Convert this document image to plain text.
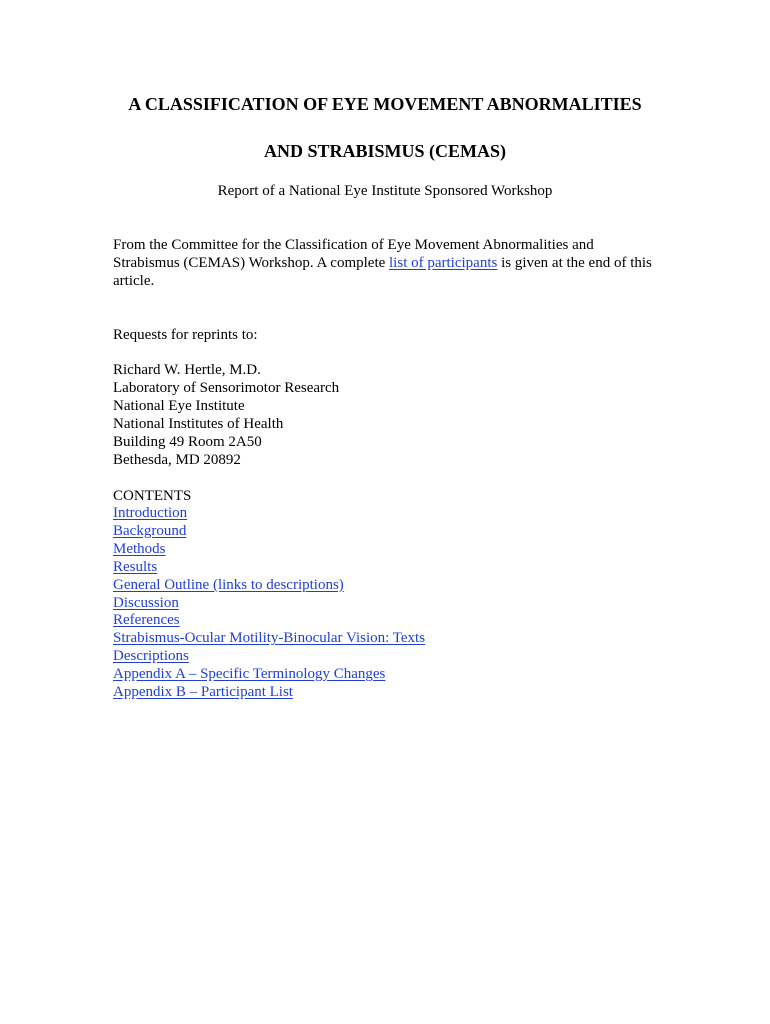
A CLASSIFICATION OF EYE MOVEMENT ABNORMALITIES
AND STRABISMUS (CEMAS)

Report of a National Eye Institute Sponsored Workshop

From the Committee for the Classification of Eye Movement Abnormalities and Strabismus (CEMAS) Workshop. A complete list of participants is given at the end of this article.

Requests for reprints to:

Richard W. Hertle, M.D.
Laboratory of Sensorimotor Research
National Eye Institute
National Institutes of Health
Building 49 Room 2A50
Bethesda, MD 20892

CONTENTS

Introduction
Background
Methods
Results
General Outline (links to descriptions)
Discussion
References
Strabismus-Ocular Motility-Binocular Vision: Texts
Descriptions
Appendix A – Specific Terminology Changes
Appendix B – Participant List
